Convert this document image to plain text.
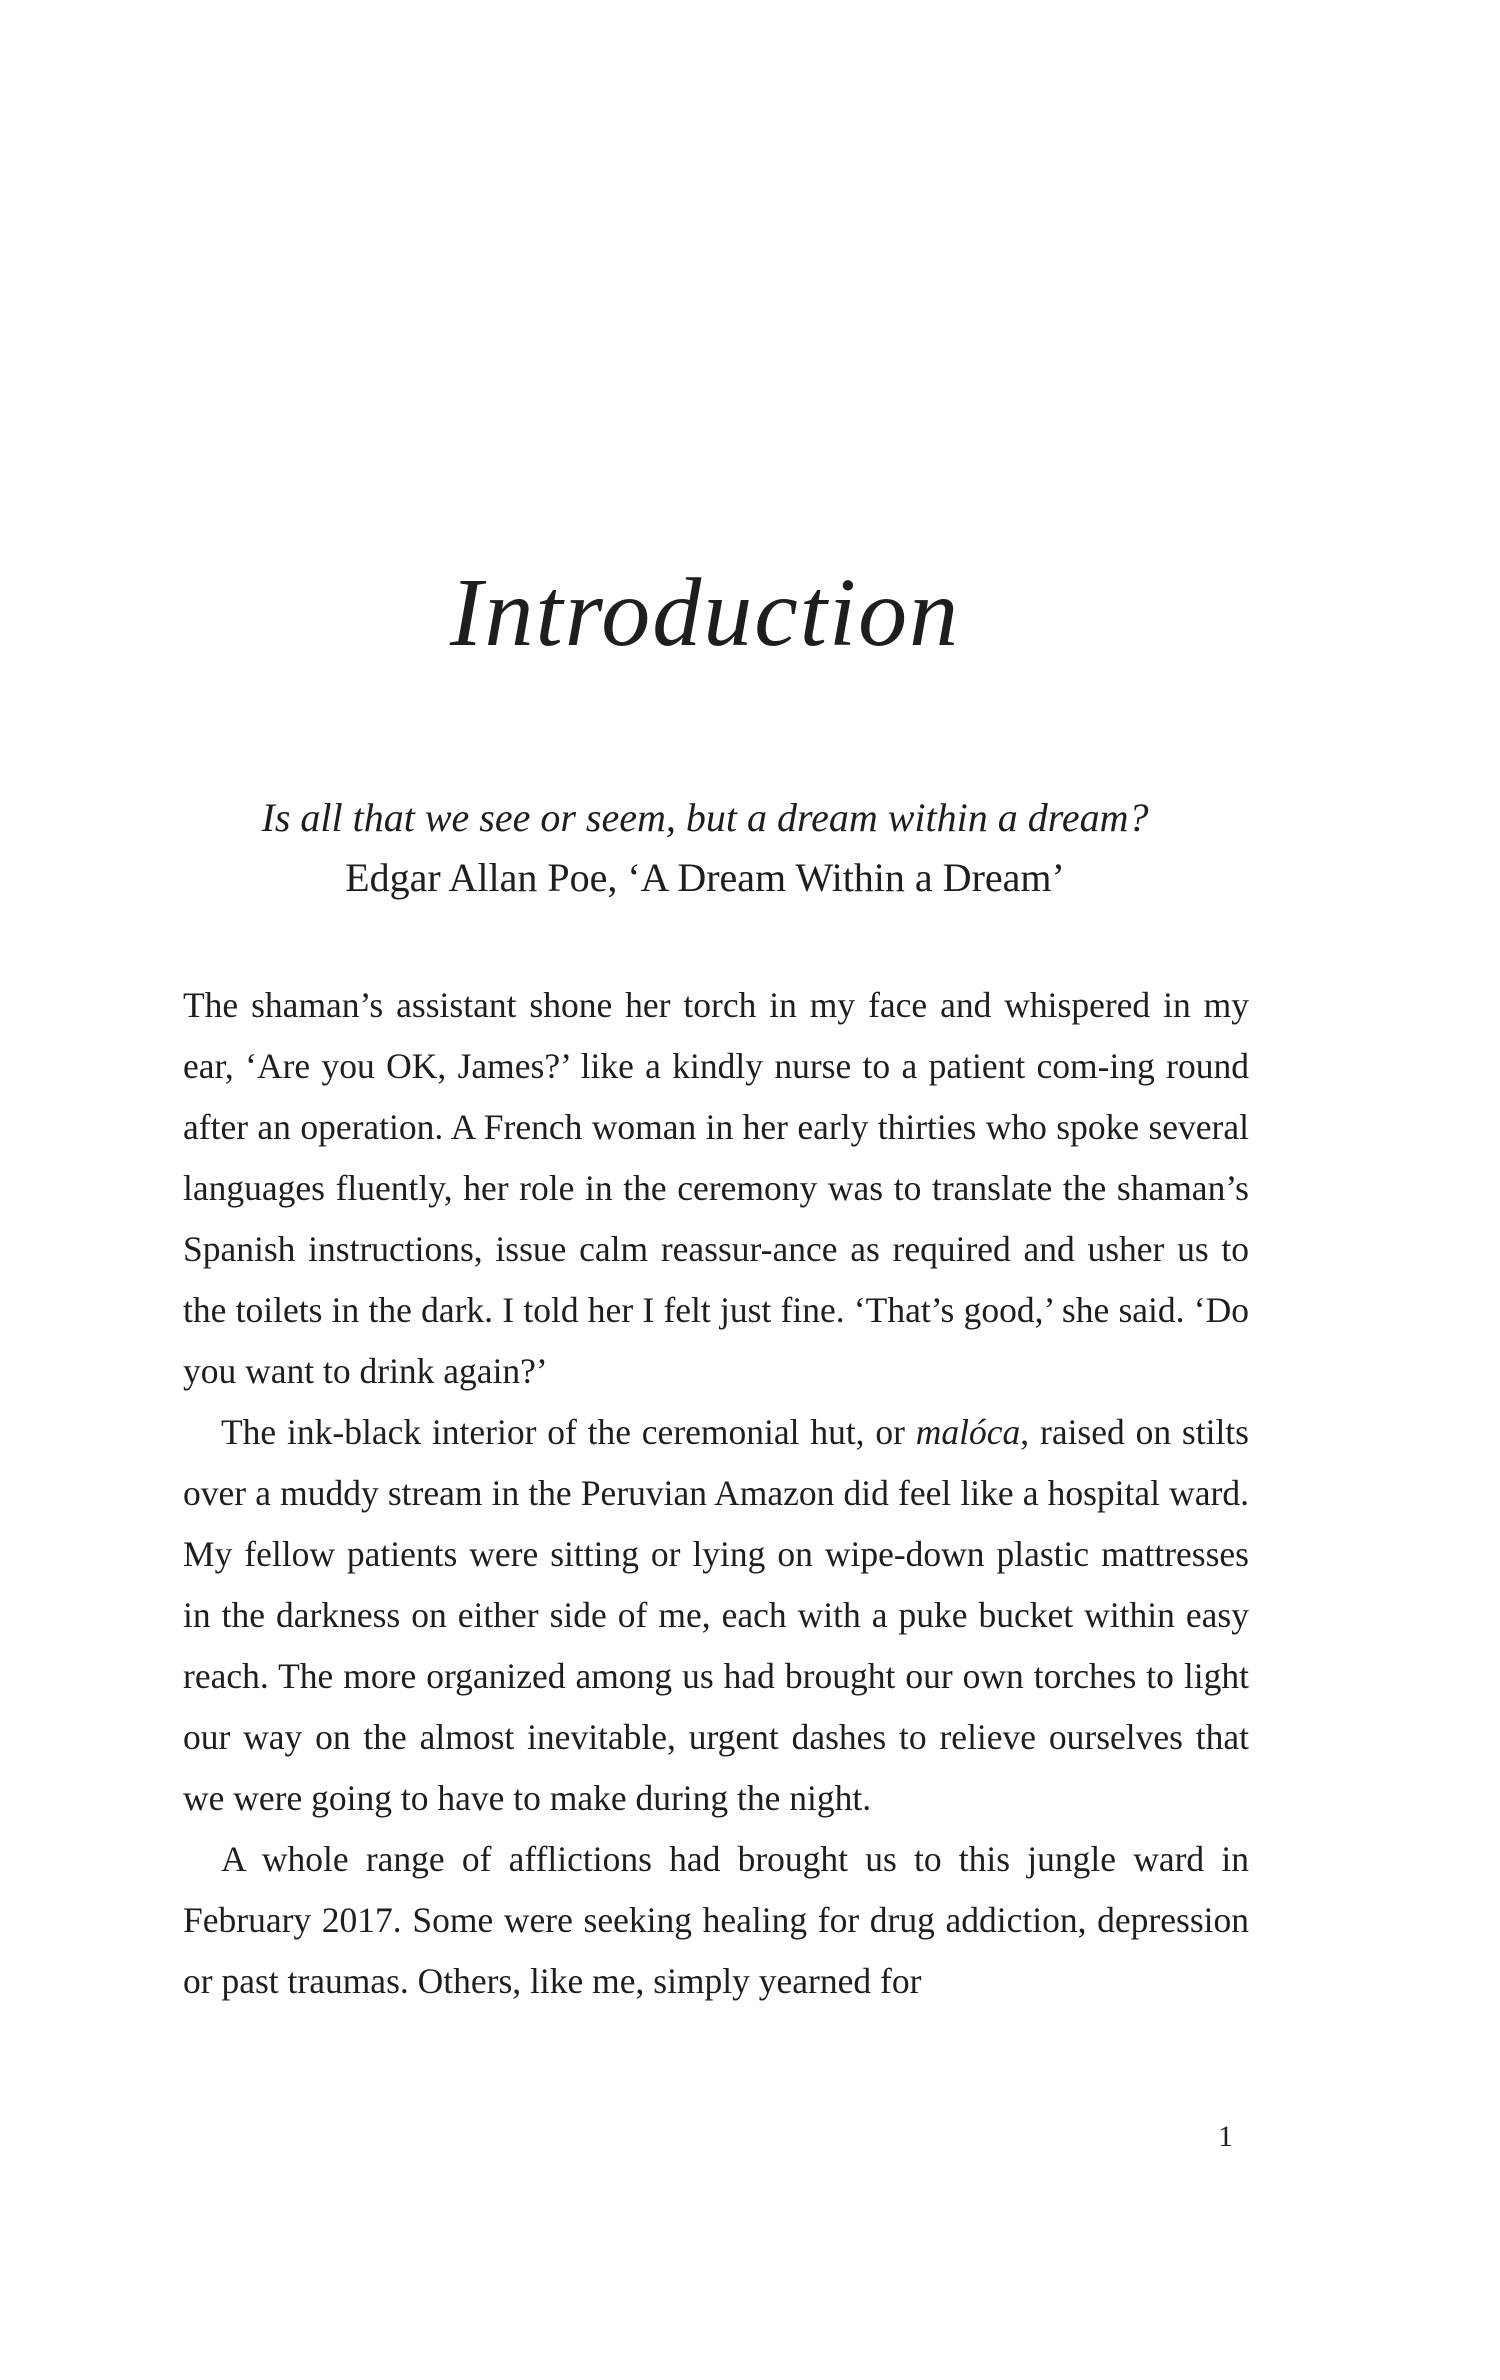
Introduction
Is all that we see or seem, but a dream within a dream?
Edgar Allan Poe, ‘A Dream Within a Dream’

The shaman’s assistant shone her torch in my face and whispered in my ear, ‘Are you OK, James?’ like a kindly nurse to a patient com-ing round after an operation. A French woman in her early thirties who spoke several languages fluently, her role in the ceremony was to translate the shaman’s Spanish instructions, issue calm reassur-ance as required and usher us to the toilets in the dark. I told her I felt just fine. ‘That’s good,’ she said. ‘Do you want to drink again?’

The ink-black interior of the ceremonial hut, or malóca, raised on stilts over a muddy stream in the Peruvian Amazon did feel like a hospital ward. My fellow patients were sitting or lying on wipe-down plastic mattresses in the darkness on either side of me, each with a puke bucket within easy reach. The more organized among us had brought our own torches to light our way on the almost inevitable, urgent dashes to relieve ourselves that we were going to have to make during the night.

A whole range of afflictions had brought us to this jungle ward in February 2017. Some were seeking healing for drug addiction, depression or past traumas. Others, like me, simply yearned for

1
